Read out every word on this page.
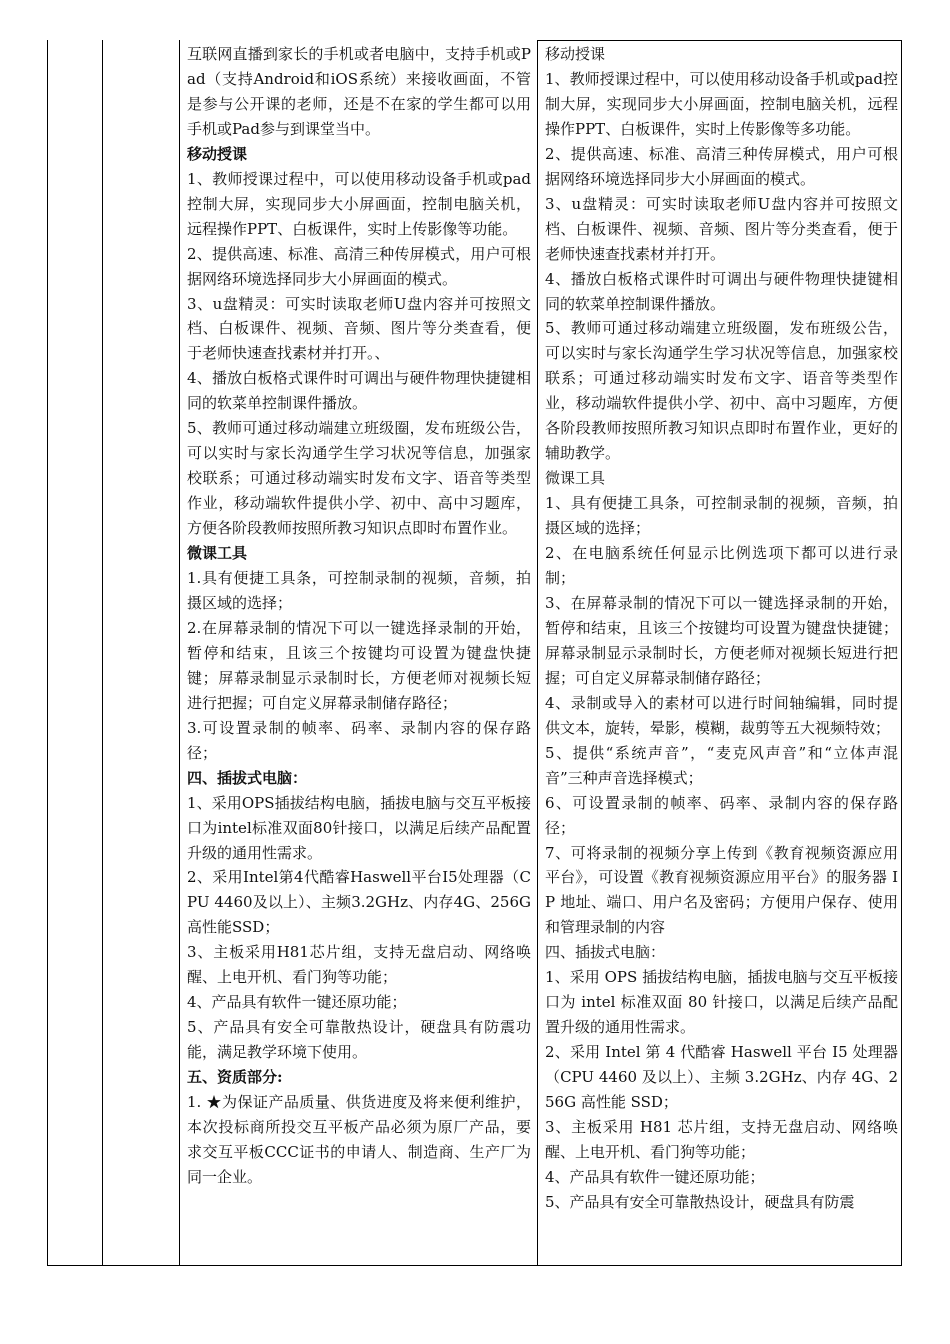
互联网直播到家长的手机或者电脑中，支持手机或Pad（支持Android和iOS系统）来接收画面，不管是参与公开课的老师，还是不在家的学生都可以用手机或Pad参与到课堂当中。

移动授课

1、教师授课过程中，可以使用移动设备手机或pad控制大屏，实现同步大小屏画面，控制电脑关机，远程操作PPT、白板课件，实时上传影像等功能。

2、提供高速、标准、高清三种传屏模式，用户可根据网络环境选择同步大小屏画面的模式。

3、u盘精灵：可实时读取老师U盘内容并可按照文档、白板课件、视频、音频、图片等分类查看，便于老师快速查找素材并打开。、

4、播放白板格式课件时可调出与硬件物理快捷键相同的软菜单控制课件播放。

5、教师可通过移动端建立班级圈，发布班级公告，可以实时与家长沟通学生学习状况等信息，加强家校联系；可通过移动端实时发布文字、语音等类型作业，移动端软件提供小学、初中、高中习题库，方便各阶段教师按照所教习知识点即时布置作业。

微课工具

1.具有便捷工具条，可控制录制的视频，音频，拍摄区域的选择；

2.在屏幕录制的情况下可以一键选择录制的开始，暂停和结束，且该三个按键均可设置为键盘快捷键；屏幕录制显示录制时长，方便老师对视频长短进行把握；可自定义屏幕录制储存路径；

3.可设置录制的帧率、码率、录制内容的保存路径；

四、插拔式电脑：

1、采用OPS插拔结构电脑，插拔电脑与交互平板接口为intel标准双面80针接口，以满足后续产品配置升级的通用性需求。

2、采用Intel第4代酷睿Haswell平台I5处理器（CPU 4460及以上）、主频3.2GHz、内存4G、256G 高性能SSD；

3、主板采用H81芯片组，支持无盘启动、网络唤醒、上电开机、看门狗等功能；

4、产品具有软件一键还原功能；

5、产品具有安全可靠散热设计，硬盘具有防震功能，满足教学环境下使用。

五、资质部分:

1. ★为保证产品质量、供货进度及将来便利维护，本次投标商所投交互平板产品必须为原厂产品，要求交互平板CCC证书的申请人、制造商、生产厂为同一企业。

移动授课

1、教师授课过程中，可以使用移动设备手机或pad控制大屏，实现同步大小屏画面，控制电脑关机，远程操作PPT、白板课件，实时上传影像等多功能。

2、提供高速、标准、高清三种传屏模式，用户可根据网络环境选择同步大小屏画面的模式。

3、u盘精灵：可实时读取老师U盘内容并可按照文档、白板课件、视频、音频、图片等分类查看，便于老师快速查找素材并打开。

4、播放白板格式课件时可调出与硬件物理快捷键相同的软菜单控制课件播放。

5、教师可通过移动端建立班级圈，发布班级公告，可以实时与家长沟通学生学习状况等信息，加强家校联系；可通过移动端实时发布文字、语音等类型作业，移动端软件提供小学、初中、高中习题库，方便各阶段教师按照所教习知识点即时布置作业，更好的辅助教学。

微课工具

1、具有便捷工具条，可控制录制的视频，音频，拍摄区域的选择；

2、在电脑系统任何显示比例选项下都可以进行录制；

3、在屏幕录制的情况下可以一键选择录制的开始，暂停和结束，且该三个按键均可设置为键盘快捷键；屏幕录制显示录制时长，方便老师对视频长短进行把握；可自定义屏幕录制储存路径；

4、录制或导入的素材可以进行时间轴编辑，同时提供文本，旋转，晕影，模糊，裁剪等五大视频特效；

5、提供“系统声音”，“麦克风声音”和“立体声混音”三种声音选择模式；

6、可设置录制的帧率、码率、录制内容的保存路径；

7、可将录制的视频分享上传到《教育视频资源应用平台》，可设置《教育视频资源应用平台》的服务器 IP 地址、端口、用户名及密码；方便用户保存、使用和管理录制的内容

四、插拔式电脑：

1、采用 OPS 插拔结构电脑，插拔电脑与交互平板接口为 intel 标准双面 80 针接口，以满足后续产品配置升级的通用性需求。

2、采用 Intel 第 4 代酷睿 Haswell 平台 I5 处理器（CPU 4460 及以上）、主频 3.2GHz、内存 4G、256G 高性能 SSD；

3、主板采用 H81 芯片组，支持无盘启动、网络唤醒、上电开机、看门狗等功能；

4、产品具有软件一键还原功能；

5、产品具有安全可靠散热设计，硬盘具有防震
